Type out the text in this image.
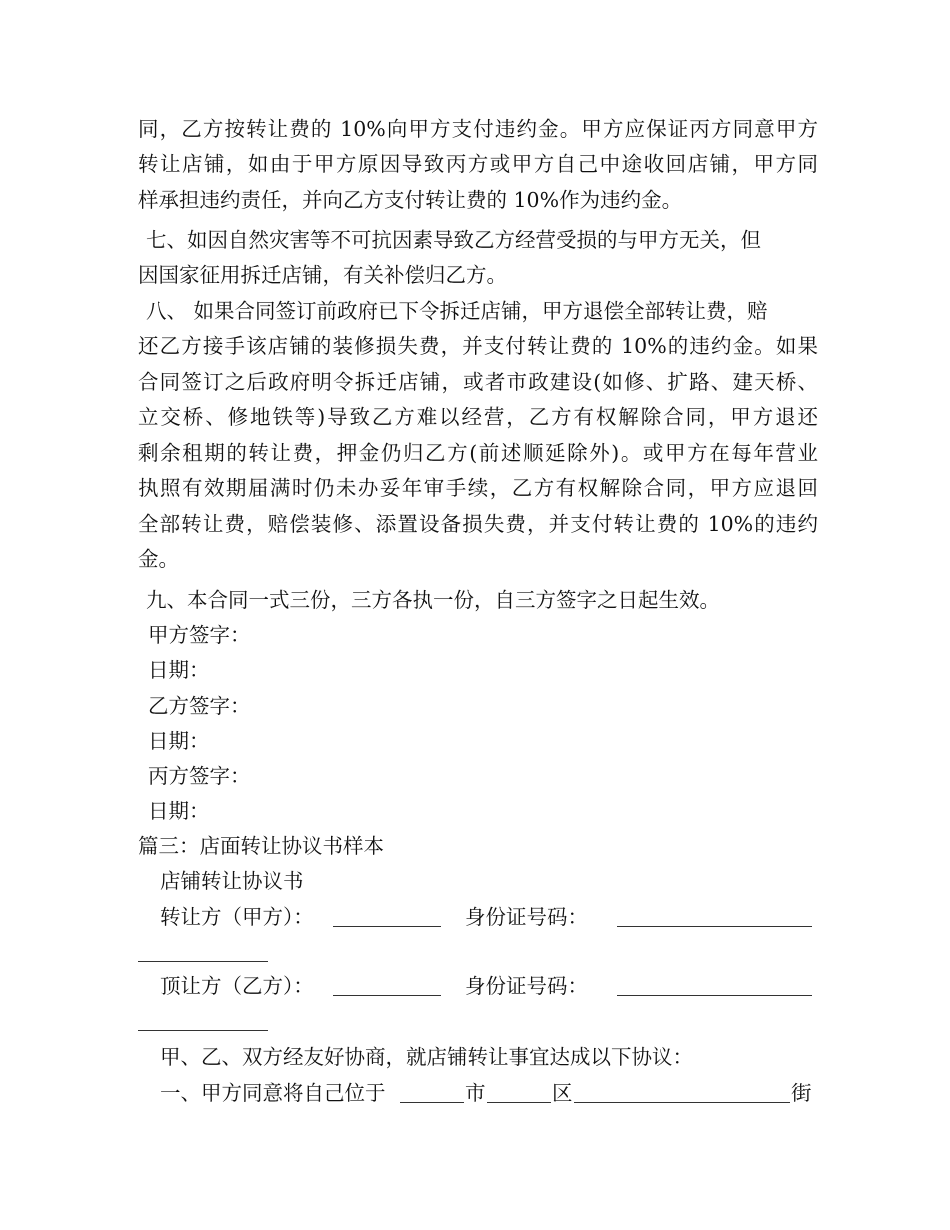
同，乙方按转让费的 10%向甲方支付违约金。甲方应保证丙方同意甲方
转让店铺，如由于甲方原因导致丙方或甲方自己中途收回店铺，甲方同
样承担违约责任，并向乙方支付转让费的 10%作为违约金。
七、如因自然灾害等不可抗因素导致乙方经营受损的与甲方无关，但
因国家征用拆迁店铺，有关补偿归乙方。
八、 如果合同签订前政府已下令拆迁店铺，甲方退偿全部转让费，赔
还乙方接手该店铺的装修损失费，并支付转让费的 10%的违约金。如果
合同签订之后政府明令拆迁店铺，或者市政建设(如修、扩路、建天桥、
立交桥、修地铁等)导致乙方难以经营，乙方有权解除合同，甲方退还
剩余租期的转让费，押金仍归乙方(前述顺延除外)。或甲方在每年营业
执照有效期届满时仍未办妥年审手续，乙方有权解除合同，甲方应退回
全部转让费，赔偿装修、添置设备损失费，并支付转让费的 10%的违约
金。
九、本合同一式三份，三方各执一份，自三方签字之日起生效。
甲方签字：
日期：
乙方签字：
日期：
丙方签字：
日期：
篇三：店面转让协议书样本
店铺转让协议书
转让方（甲方）：	身份证号码：
顶让方（乙方）：	身份证号码：
甲、乙、双方经友好协商，就店铺转让事宜达成以下协议：
一、甲方同意将自己位于	市	区	街
